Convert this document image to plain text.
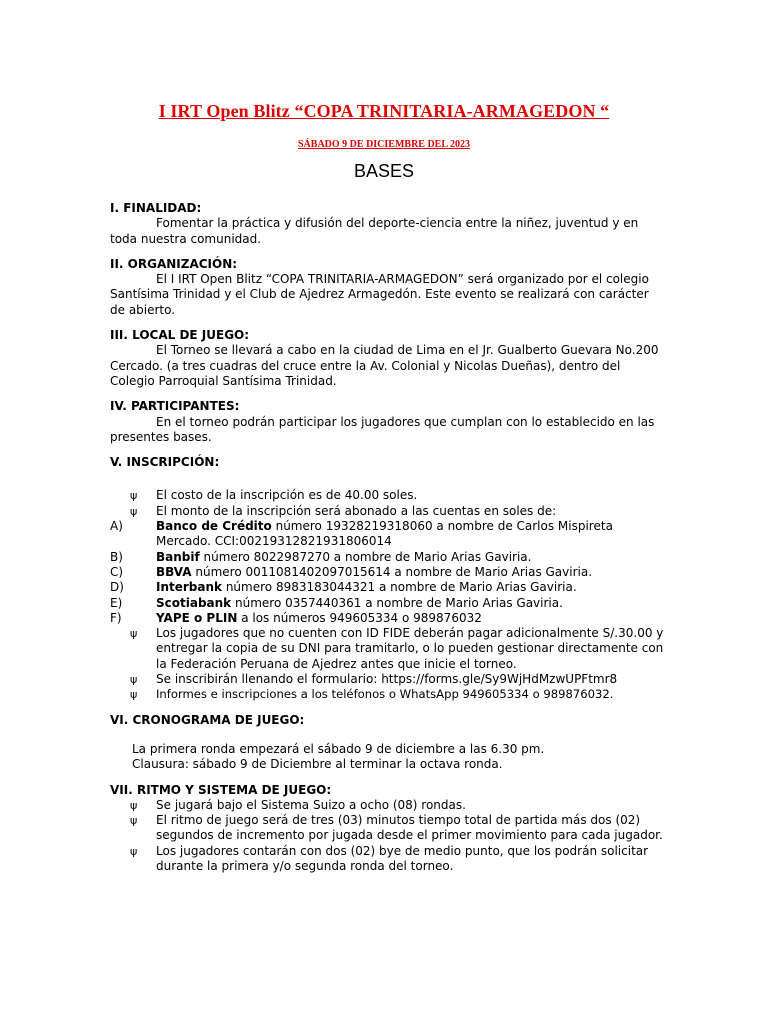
I IRT Open Blitz “COPA TRINITARIA-ARMAGEDON “
SÁBADO 9 DE DICIEMBRE DEL 2023
BASES
I. FINALIDAD:

Fomentar la práctica y difusión del deporte-ciencia entre la niñez, juventud y en toda nuestra comunidad.

II. ORGANIZACIÓN:

El I IRT Open Blitz “COPA TRINITARIA-ARMAGEDON” será organizado por el colegio Santísima Trinidad y el Club de Ajedrez Armagedón. Este evento se realizará con carácter de abierto.

III. LOCAL DE JUEGO:

El Torneo se llevará a cabo en la ciudad de Lima en el Jr. Gualberto Guevara No.200 Cercado. (a tres cuadras del cruce entre la Av. Colonial y Nicolas Dueñas), dentro del Colegio Parroquial Santísima Trinidad.

IV. PARTICIPANTES:

En el torneo podrán participar los jugadores que cumplan con lo establecido en las presentes bases.

V. INSCRIPCIÓN:
ψ	El costo de la inscripción es de 40.00 soles.
ψ	El monto de la inscripción será abonado a las cuentas en soles de:
A)	Banco de Crédito número 19328219318060 a nombre de Carlos Mispireta Mercado. CCI:00219312821931806014
B)	Banbif número 8022987270 a nombre de Mario Arias Gaviria.
C)	BBVA número 0011081402097015614 a nombre de Mario Arias Gaviria.
D)	Interbank número 8983183044321 a nombre de Mario Arias Gaviria.
E)	Scotiabank número 0357440361 a nombre de Mario Arias Gaviria.
F)	YAPE o PLIN a los números 949605334 o 989876032
ψ	Los jugadores que no cuenten con ID FIDE deberán pagar adicionalmente S/.30.00 y entregar la copia de su DNI para tramitarlo, o lo pueden gestionar directamente con la Federación Peruana de Ajedrez antes que inicie el torneo.
ψ	Se inscribirán llenando el formulario: https://forms.gle/Sy9WjHdMzwUPFtmr8
ψ	Informes e inscripciones a los teléfonos o WhatsApp 949605334 o 989876032.
VI. CRONOGRAMA DE JUEGO:
La primera ronda empezará el sábado 9 de diciembre a las 6.30 pm.
Clausura: sábado 9 de Diciembre al terminar la octava ronda.
VII. RITMO Y SISTEMA DE JUEGO:
ψ	Se jugará bajo el Sistema Suizo a ocho (08) rondas.
ψ	El ritmo de juego será de tres (03) minutos tiempo total de partida más dos (02) segundos de incremento por jugada desde el primer movimiento para cada jugador.
ψ	Los jugadores contarán con dos (02) bye de medio punto, que los podrán solicitar durante la primera y/o segunda ronda del torneo.
